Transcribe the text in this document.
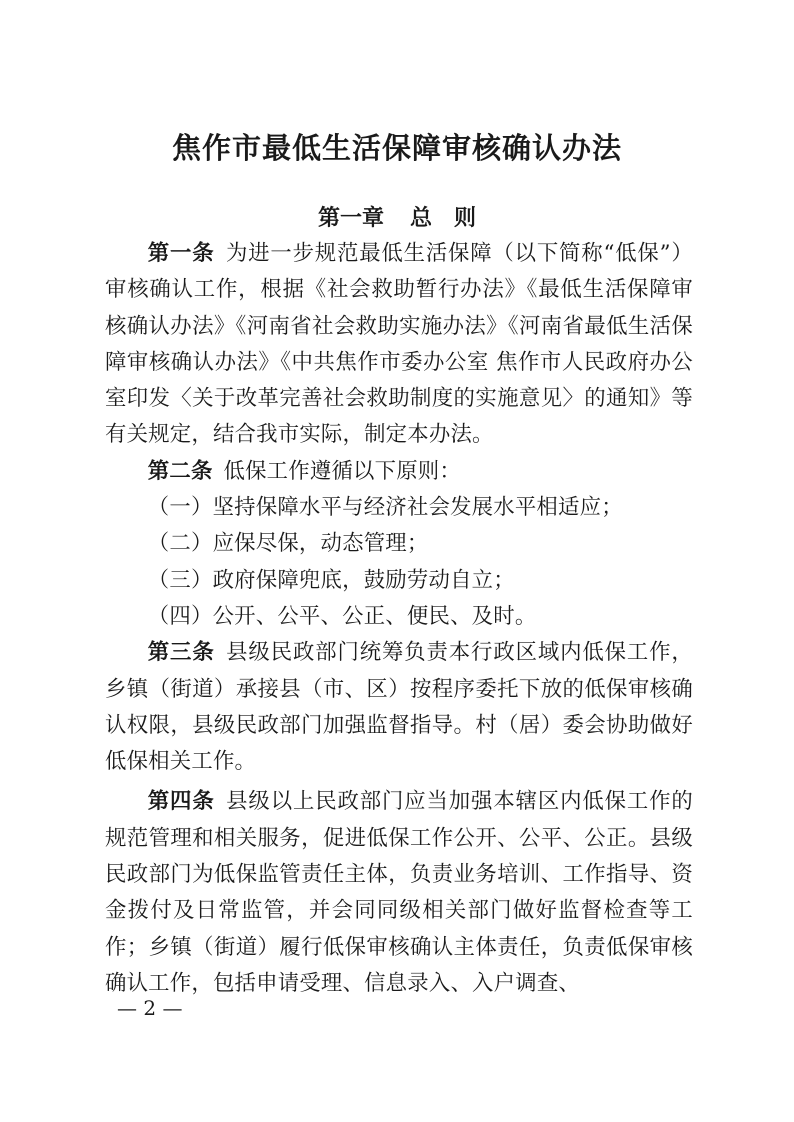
焦作市最低生活保障审核确认办法
第一章 总　则

第一条  为进一步规范最低生活保障（以下简称“低保”）审核确认工作，根据《社会救助暂行办法》《最低生活保障审核确认办法》《河南省社会救助实施办法》《河南省最低生活保障审核确认办法》《中共焦作市委办公室 焦作市人民政府办公室印发〈关于改革完善社会救助制度的实施意见〉的通知》等有关规定，结合我市实际，制定本办法。

第二条  低保工作遵循以下原则：

（一）坚持保障水平与经济社会发展水平相适应；

（二）应保尽保，动态管理；

（三）政府保障兜底，鼓励劳动自立；

（四）公开、公平、公正、便民、及时。

第三条  县级民政部门统筹负责本行政区域内低保工作，乡镇（街道）承接县（市、区）按程序委托下放的低保审核确认权限，县级民政部门加强监督指导。村（居）委会协助做好低保相关工作。

第四条  县级以上民政部门应当加强本辖区内低保工作的规范管理和相关服务，促进低保工作公开、公平、公正。县级民政部门为低保监管责任主体，负责业务培训、工作指导、资金拨付及日常监管，并会同同级相关部门做好监督检查等工作；乡镇（街道）履行低保审核确认主体责任，负责低保审核确认工作，包括申请受理、信息录入、入户调查、

— 2 —
